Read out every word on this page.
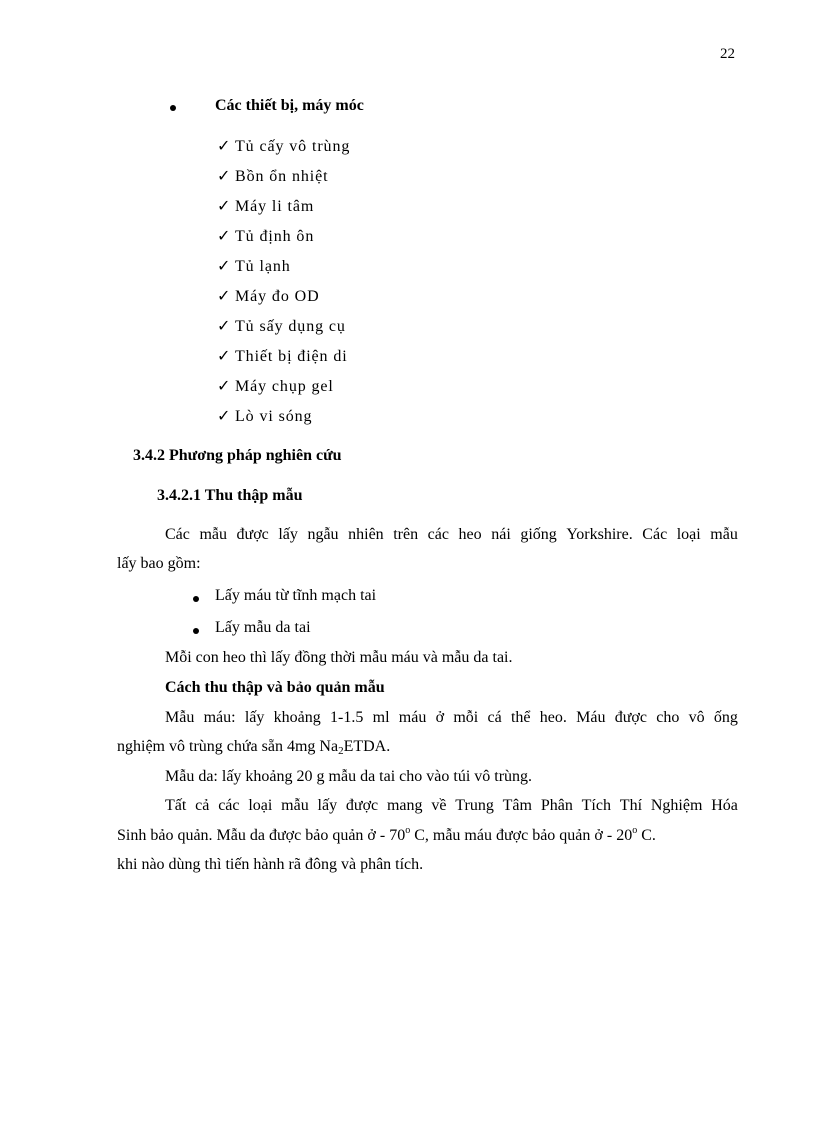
22
Các thiết bị, máy móc
✓ Tủ cấy vô trùng
✓ Bồn ổn nhiệt
✓ Máy li tâm
✓ Tủ định ôn
✓ Tủ lạnh
✓ Máy đo OD
✓ Tủ sấy dụng cụ
✓ Thiết bị điện di
✓ Máy chụp gel
✓ Lò vi sóng
3.4.2 Phương pháp nghiên cứu
3.4.2.1 Thu thập mẫu
Các mẫu được lấy ngẫu nhiên trên các heo nái giống Yorkshire. Các loại mẫu
lấy bao gồm:
Lấy máu từ tĩnh mạch tai
Lấy mẫu da tai
Mỗi con heo thì lấy đồng thời mẫu máu và mẫu da tai.
Cách thu thập và bảo quản mẫu
Mẫu máu: lấy khoảng 1-1.5 ml máu ở mỗi cá thể heo. Máu được cho vô ống
nghiệm vô trùng chứa sẵn 4mg $Na_2ETDA$.
Mẫu da: lấy khoảng 20 g mẫu da tai cho vào túi vô trùng.
Tất cả các loại mẫu lấy được mang về Trung Tâm Phân Tích Thí Nghiệm Hóa
Sinh bảo quản. Mẫu da được bảo quản ở - 70$^o$ C, mẫu máu được bảo quản ở - 20$^o$ C.
khi nào dùng thì tiến hành rã đông và phân tích.
